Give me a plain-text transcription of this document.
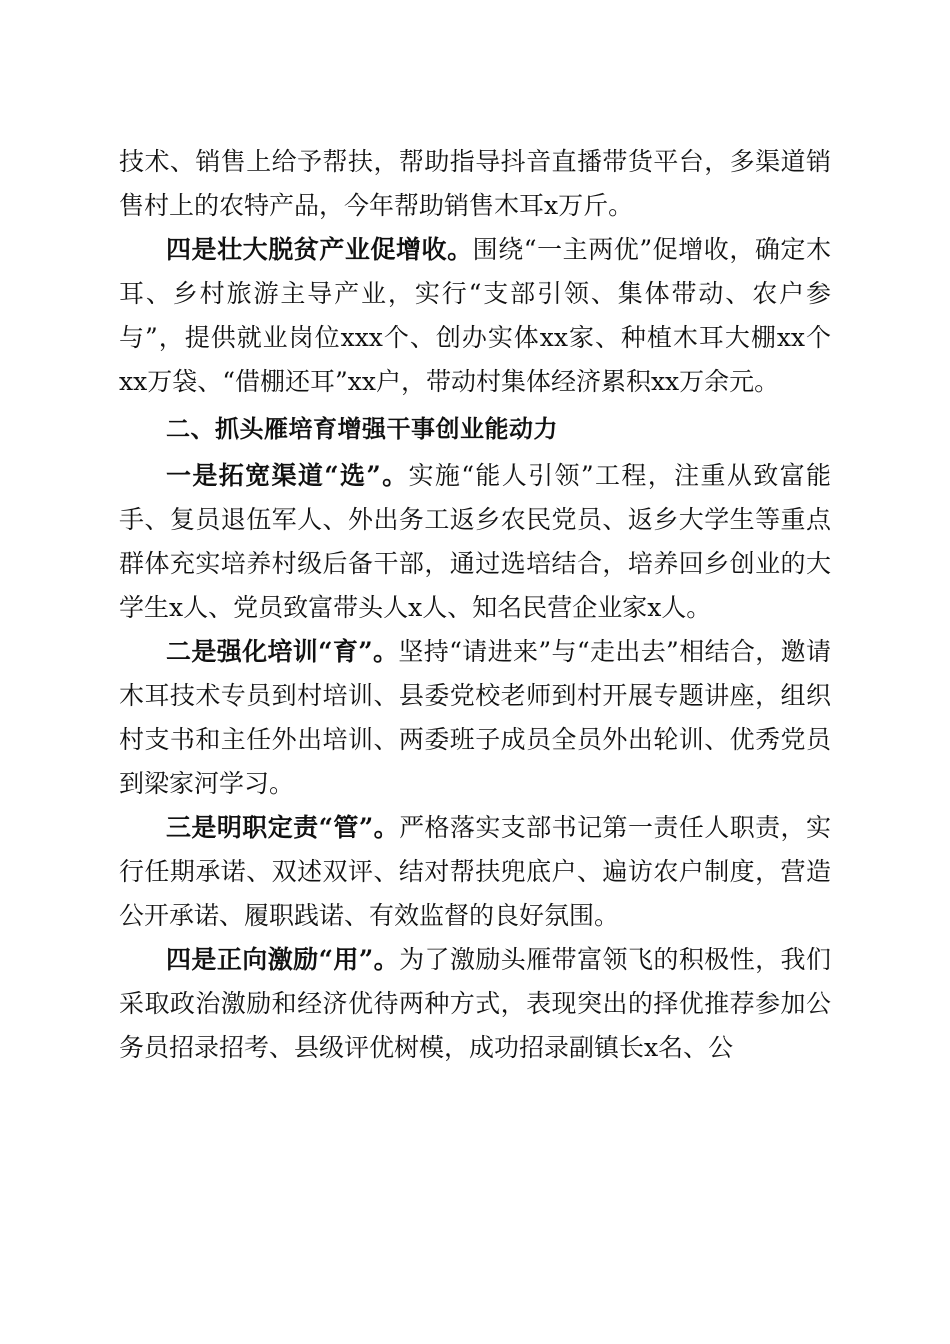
技术、销售上给予帮扶，帮助指导抖音直播带货平台，多渠道销售村上的农特产品，今年帮助销售木耳x万斤。

四是壮大脱贫产业促增收。围绕“一主两优”促增收，确定木耳、乡村旅游主导产业，实行“支部引领、集体带动、农户参与”，提供就业岗位xxx个、创办实体xx家、种植木耳大棚xx个xx万袋、“借棚还耳”xx户，带动村集体经济累积xx万余元。

二、抓头雁培育增强干事创业能动力

一是拓宽渠道“选”。实施“能人引领”工程，注重从致富能手、复员退伍军人、外出务工返乡农民党员、返乡大学生等重点群体充实培养村级后备干部，通过选培结合，培养回乡创业的大学生x人、党员致富带头人x人、知名民营企业家x人。

二是强化培训“育”。坚持“请进来”与“走出去”相结合，邀请木耳技术专员到村培训、县委党校老师到村开展专题讲座，组织村支书和主任外出培训、两委班子成员全员外出轮训、优秀党员到梁家河学习。

三是明职定责“管”。严格落实支部书记第一责任人职责，实行任期承诺、双述双评、结对帮扶兜底户、遍访农户制度，营造公开承诺、履职践诺、有效监督的良好氛围。

四是正向激励“用”。为了激励头雁带富领飞的积极性，我们采取政治激励和经济优待两种方式，表现突出的择优推荐参加公务员招录招考、县级评优树模，成功招录副镇长x名、公
